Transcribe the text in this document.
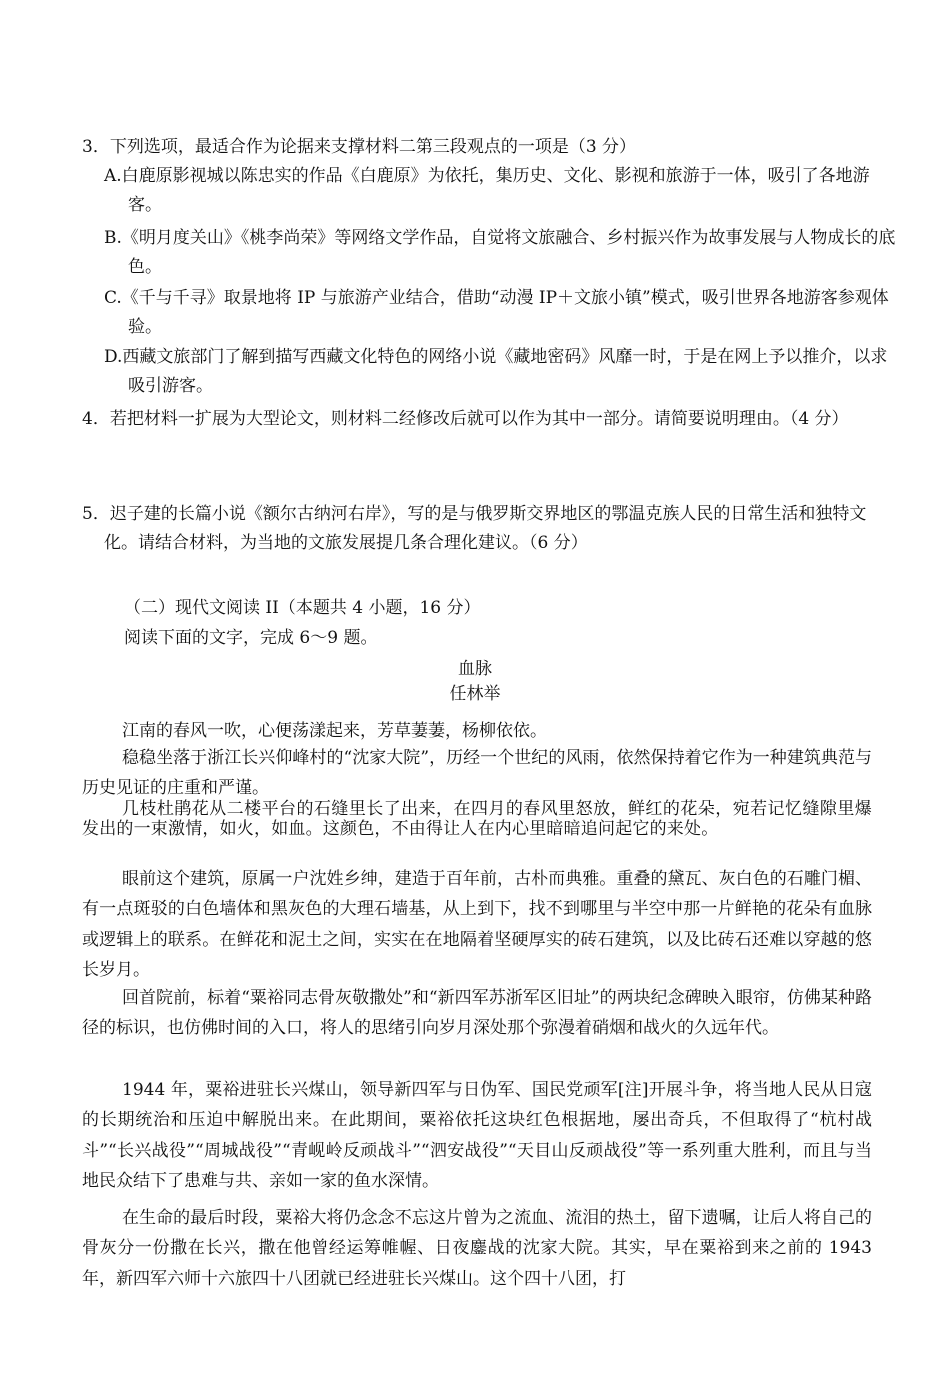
3．下列选项，最适合作为论据来支撑材料二第三段观点的一项是（3 分）
A.白鹿原影视城以陈忠实的作品《白鹿原》为依托，集历史、文化、影视和旅游于一体，吸引了各地游客。
B.《明月度关山》《桃李尚荣》等网络文学作品，自觉将文旅融合、乡村振兴作为故事发展与人物成长的底色。
C.《千与千寻》取景地将 IP 与旅游产业结合，借助“动漫 IP＋文旅小镇”模式，吸引世界各地游客参观体验。
D.西藏文旅部门了解到描写西藏文化特色的网络小说《藏地密码》风靡一时，于是在网上予以推介，以求吸引游客。
4．若把材料一扩展为大型论文，则材料二经修改后就可以作为其中一部分。请简要说明理由。（4 分）
5．迟子建的长篇小说《额尔古纳河右岸》，写的是与俄罗斯交界地区的鄂温克族人民的日常生活和独特文化。请结合材料，为当地的文旅发展提几条合理化建议。（6 分）
（二）现代文阅读 II（本题共 4 小题，16 分）
阅读下面的文字，完成 6～9 题。
血脉
任林举
江南的春风一吹，心便荡漾起来，芳草萋萋，杨柳依依。
稳稳坐落于浙江长兴仰峰村的“沈家大院”，历经一个世纪的风雨，依然保持着它作为一种建筑典范与历史见证的庄重和严谨。
几枝杜鹃花从二楼平台的石缝里长了出来，在四月的春风里怒放，鲜红的花朵，宛若记忆缝隙里爆发出的一束激情，如火，如血。这颜色，不由得让人在内心里暗暗追问起它的来处。
眼前这个建筑，原属一户沈姓乡绅，建造于百年前，古朴而典雅。重叠的黛瓦、灰白色的石雕门楣、有一点斑驳的白色墙体和黑灰色的大理石墙基，从上到下，找不到哪里与半空中那一片鲜艳的花朵有血脉或逻辑上的联系。在鲜花和泥土之间，实实在在地隔着坚硬厚实的砖石建筑，以及比砖石还难以穿越的悠长岁月。
回首院前，标着“粟裕同志骨灰敬撒处”和“新四军苏浙军区旧址”的两块纪念碑映入眼帘，仿佛某种路径的标识，也仿佛时间的入口，将人的思绪引向岁月深处那个弥漫着硝烟和战火的久远年代。
1944 年，粟裕进驻长兴煤山，领导新四军与日伪军、国民党顽军[注]开展斗争，将当地人民从日寇的长期统治和压迫中解脱出来。在此期间，粟裕依托这块红色根据地，屡出奇兵，不但取得了“杭村战斗”“长兴战役”“周城战役”“青岘岭反顽战斗”“泗安战役”“天目山反顽战役”等一系列重大胜利，而且与当地民众结下了患难与共、亲如一家的鱼水深情。
在生命的最后时段，粟裕大将仍念念不忘这片曾为之流血、流泪的热土，留下遗嘱，让后人将自己的骨灰分一份撒在长兴，撒在他曾经运筹帷幄、日夜鏖战的沈家大院。其实，早在粟裕到来之前的 1943 年，新四军六师十六旅四十八团就已经进驻长兴煤山。这个四十八团，打
